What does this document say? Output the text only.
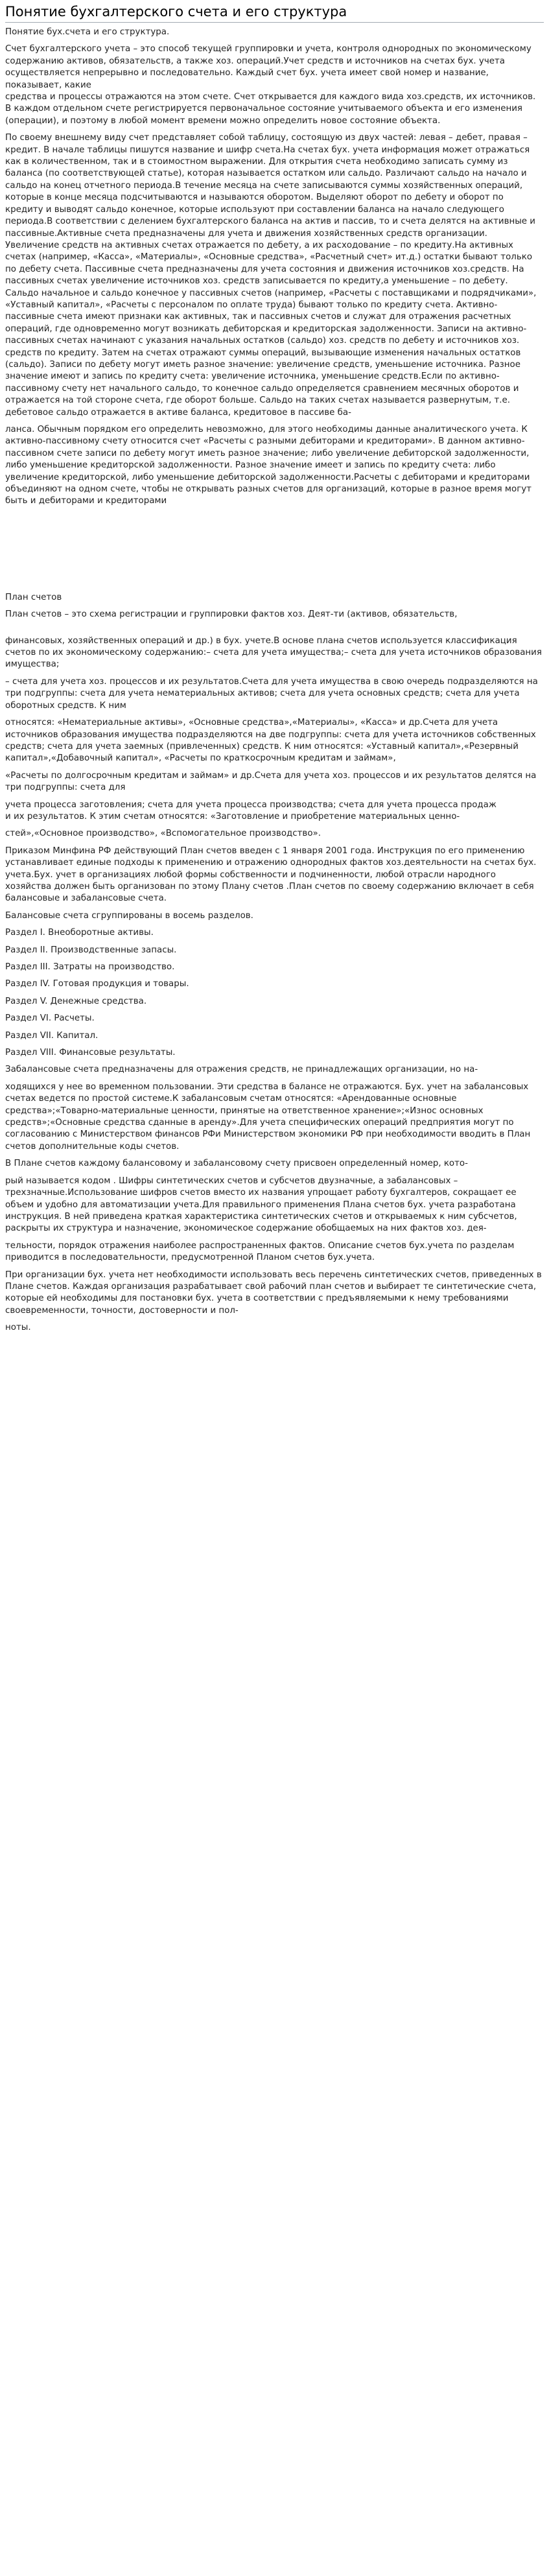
Понятие бухгалтерского счета и его структура

Понятие бух.счета и его структура.

Счет бухгалтерского учета – это способ текущей группировки и учета, контроля однородных по экономическому содержанию активов, обязательств, а также хоз. операций.Учет средств и источников на счетах бух. учета осуществляется непрерывно и последовательно. Каждый счет бух. учета имеет свой номер и название, показывает, какие

средства и процессы отражаются на этом счете. Счет открывается для каждого вида хоз.средств, их источников. В каждом отдельном счете регистрируется первоначальное состояние учитываемого объекта и его изменения (операции), и поэтому в любой момент времени можно определить новое состояние объекта.

По своему внешнему виду счет представляет собой таблицу, состоящую из двух частей: левая – дебет, правая – кредит. В начале таблицы пишутся название и шифр счета.На счетах бух. учета информация может отражаться как в количественном, так и в стоимостном выражении. Для открытия счета необходимо записать сумму из баланса (по соответствующей статье), которая называется остатком или сальдо. Различают сальдо на начало и сальдо на конец отчетного периода.В течение месяца на счете записываются суммы хозяйственных операций, которые в конце месяца подсчитываются и называются оборотом. Выделяют оборот по дебету и оборот по кредиту и выводят сальдо конечное, которые используют при составлении баланса на начало следующего периода.В соответствии с делением бухгалтерского баланса на актив и пассив, то и счета делятся на активные и пассивные.Активные счета предназначены для учета и движения хозяйственных средств организации. Увеличение средств на активных счетах отражается по дебету, а их расходование – по кредиту.На активных счетах (например, «Касса», «Материалы», «Основные средства», «Расчетный счет» ит.д.) остатки бывают только по дебету счета. Пассивные счета предназначены для учета состояния и движения источников хоз.средств. На пассивных счетах увеличение источников хоз. средств записывается по кредиту,а уменьшение – по дебету. Сальдо начальное и сальдо конечное у пассивных счетов (например, «Расчеты с поставщиками и подрядчиками», «Уставный капитал», «Расчеты с персоналом по оплате труда) бывают только по кредиту счета. Активно-пассивные счета имеют признаки как активных, так и пассивных счетов и служат для отражения расчетных операций, где одновременно могут возникать дебиторская и кредиторская задолженности. Записи на активно-пассивных счетах начинают с указания начальных остатков (сальдо) хоз. средств по дебету и источников хоз. средств по кредиту. Затем на счетах отражают суммы операций, вызывающие изменения начальных остатков (сальдо). Записи по дебету могут иметь разное значение: увеличение средств, уменьшение источника. Разное значение имеют и запись по кредиту счета: увеличение источника, уменьшение средств.Если по активно-пассивному счету нет начального сальдо, то конечное сальдо определяется сравнением месячных оборотов и отражается на той стороне счета, где оборот больше. Сальдо на таких счетах называется развернутым, т.е. дебетовое сальдо отражается в активе баланса, кредитовое в пассиве ба-

ланса. Обычным порядком его определить невозможно, для этого необходимы данные аналитического учета. К активно-пассивному счету относится счет «Расчеты с разными дебиторами и кредиторами». В данном активно-пассивном счете записи по дебету могут иметь разное значение; либо увеличение дебиторской задолженности, либо уменьшение кредиторской задолженности. Разное значение имеет и запись по кредиту счета: либо увеличение кредиторской, либо уменьшение дебиторской задолженности.Расчеты с дебиторами и кредиторами объединяют на одном счете, чтобы не открывать разных счетов для организаций, которые в разное время могут быть и дебиторами и кредиторами

План счетов

План счетов – это схема регистрации и группировки фактов хоз. Деят-ти (активов, обязательств,

финансовых, хозяйственных операций и др.) в бух. учете.В основе плана счетов используется классификация счетов по их экономическому содержанию:– счета для учета имущества;– счета для учета источников образования имущества;

– счета для учета хоз. процессов и их результатов.Счета для учета имущества в свою очередь подразделяются на три подгруппы: счета для учета нематериальных активов; счета для учета основных средств; счета для учета оборотных средств. К ним

относятся: «Нематериальные активы», «Основные средства»,«Материалы», «Касса» и др.Счета для учета источников образования имущества подразделяются на две подгруппы: счета для учета источников собственных средств; счета для учета заемных (привлеченных) средств. К ним относятся: «Уставный капитал»,«Резервный капитал»,«Добавочный капитал», «Расчеты по краткосрочным кредитам и займам»,

«Расчеты по долгосрочным кредитам и займам» и др.Счета для учета хоз. процессов и их результатов делятся на три подгруппы: счета для

учета процесса заготовления; счета для учета процесса производства; счета для учета процесса продаж

и их результатов. К этим счетам относятся: «Заготовление и приобретение материальных ценно-

стей»,«Основное производство», «Вспомогательное производство».

Приказом Минфина РФ действующий План счетов введен с 1 января 2001 года. Инструкция по его применению устанавливает единые подходы к применению и отражению однородных фактов хоз.деятельности на счетах бух. учета.Бух. учет в организациях любой формы собственности и подчиненности, любой отрасли народного хозяйства должен быть организован по этому Плану счетов .План счетов по своему содержанию включает в себя балансовые и забалансовые счета.

Балансовые счета сгруппированы в восемь разделов.

Раздел I. Внеоборотные активы.

Раздел II. Производственные запасы.

Раздел III. Затраты на производство.

Раздел IV. Готовая продукция и товары.

Раздел V. Денежные средства.

Раздел VI. Расчеты.

Раздел VII. Капитал.

Раздел VIII. Финансовые результаты.

Забалансовые счета предназначены для отражения средств, не принадлежащих организации, но на-

ходящихся у нее во временном пользовании. Эти средства в балансе не отражаются. Бух. учет на забалансовых счетах ведется по простой системе.К забалансовым счетам относятся: «Арендованные основные средства»;«Товарно-материальные ценности, принятые на ответственное хранение»;«Износ основных средств»;«Основные средства сданные в аренду».Для учета специфических операций предприятия могут по согласованию с Министерством финансов РФи Министерством экономики РФ при необходимости вводить в План счетов дополнительные коды счетов.

В Плане счетов каждому балансовому и забалансовому счету присвоен определенный номер, кото-

рый называется кодом . Шифры синтетических счетов и субсчетов двузначные, а забалансовых – трехзначные.Использование шифров счетов вместо их названия упрощает работу бухгалтеров, сокращает ее объем и удобно для автоматизации учета.Для правильного применения Плана счетов бух. учета разработана инструкция. В ней приведена краткая характеристика синтетических счетов и открываемых к ним субсчетов, раскрыты их структура и назначение, экономическое содержание обобщаемых на них фактов хоз. дея-

тельности, порядок отражения наиболее распространенных фактов. Описание счетов бух.учета по разделам приводится в последовательности, предусмотренной Планом счетов бух.учета.

При организации бух. учета нет необходимости использовать весь перечень синтетических счетов, приведенных в Плане счетов. Каждая организация разрабатывает свой рабочий план счетов и выбирает те синтетические счета, которые ей необходимы для постановки бух. учета в соответствии с предъявляемыми к нему требованиями своевременности, точности, достоверности и пол-

ноты.
